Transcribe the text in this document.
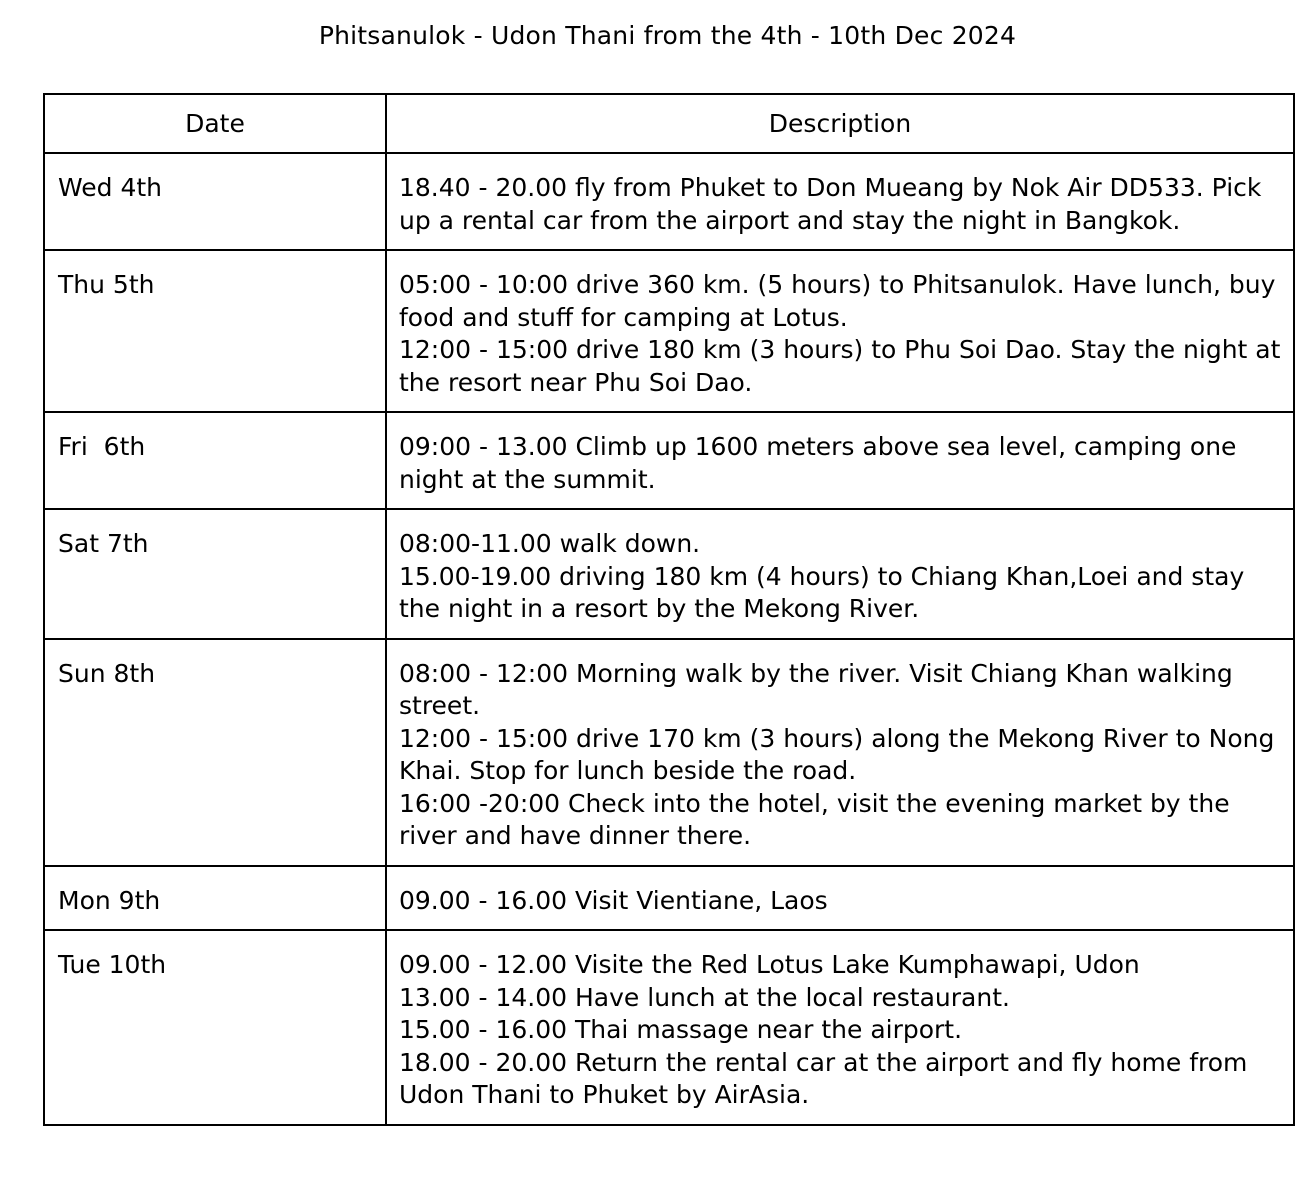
Phitsanulok - Udon Thani from the 4th - 10th Dec 2024
Date	Description
Wed 4th	18.40 - 20.00 fly from Phuket to Don Mueang by Nok Air DD533. Pick up a rental car from the airport and stay the night in Bangkok.

Thu 5th	05:00 - 10:00 drive 360 km. (5 hours) to Phitsanulok. Have lunch, buy food and stuff for camping at Lotus.
12:00 - 15:00 drive 180 km (3 hours) to Phu Soi Dao. Stay the night at the resort near Phu Soi Dao.

Fri  6th	09:00 - 13.00 Climb up 1600 meters above sea level, camping one night at the summit.

Sat 7th	08:00-11.00 walk down.
15.00-19.00 driving 180 km (4 hours) to Chiang Khan,Loei and stay the night in a resort by the Mekong River.

Sun 8th	08:00 - 12:00 Morning walk by the river. Visit Chiang Khan walking street.
12:00 - 15:00 drive 170 km (3 hours) along the Mekong River to Nong Khai. Stop for lunch beside the road.
16:00 -20:00 Check into the hotel, visit the evening market by the river and have dinner there.

Mon 9th	09.00 - 16.00 Visit Vientiane, Laos

Tue 10th	09.00 - 12.00 Visite the Red Lotus Lake Kumphawapi, Udon
13.00 - 14.00 Have lunch at the local restaurant.
15.00 - 16.00 Thai massage near the airport.
18.00 - 20.00 Return the rental car at the airport and fly home from Udon Thani to Phuket by AirAsia.
